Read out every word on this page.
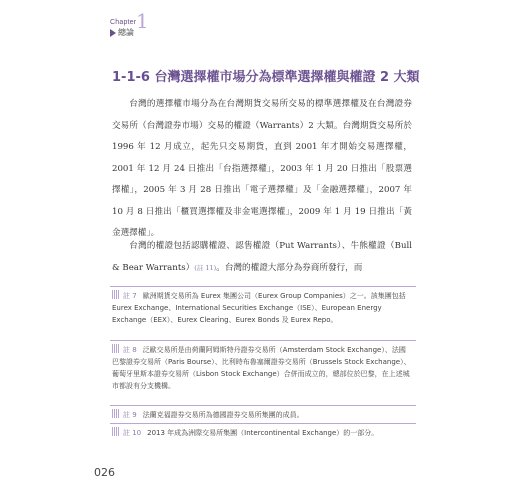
Chapter 1
總論
1-1-6 台灣選擇權市場分為標準選擇權與權證 2 大類

台灣的選擇權市場分為在台灣期貨交易所交易的標準選擇權及在台灣證券交易所（台灣證券市場）交易的權證（Warrants）2 大類。台灣期貨交易所於 1996 年 12 月成立，起先只交易期貨，直到 2001 年才開始交易選擇權，2001 年 12 月 24 日推出「台指選擇權」，2003 年 1 月 20 日推出「股票選擇權」，2005 年 3 月 28 日推出「電子選擇權」及「金融選擇權」，2007 年 10 月 8 日推出「櫃買選擇權及非金電選擇權」，2009 年 1 月 19 日推出「黃金選擇權」。

台灣的權證包括認購權證、認售權證（Put Warrants）、牛熊權證（Bull & Bear Warrants）(註 11)。台灣的權證大部分為券商所發行，而

註 7 歐洲期貨交易所為 Eurex 集團公司（Eurex Group Companies）之一。該集團包括 Eurex Exchange、International Securities Exchange（ISE）、European Energy Exchange（EEX）、Eurex Clearing、Eurex Bonds 及 Eurex Repo。
註 8 泛歐交易所是由荷蘭阿姆斯特丹證券交易所（Amsterdam Stock Exchange）、法國巴黎證券交易所（Paris Bourse）、比利時布魯塞爾證券交易所（Brussels Stock Exchange）、葡萄牙里斯本證券交易所（Lisbon Stock Exchange）合併而成立的，總部位於巴黎，在上述城市都設有分支機構。
註 9 法蘭克福證券交易所為德國證券交易所集團的成員。
註 10 2013 年成為洲際交易所集團（Intercontinental Exchange）的一部分。
026
